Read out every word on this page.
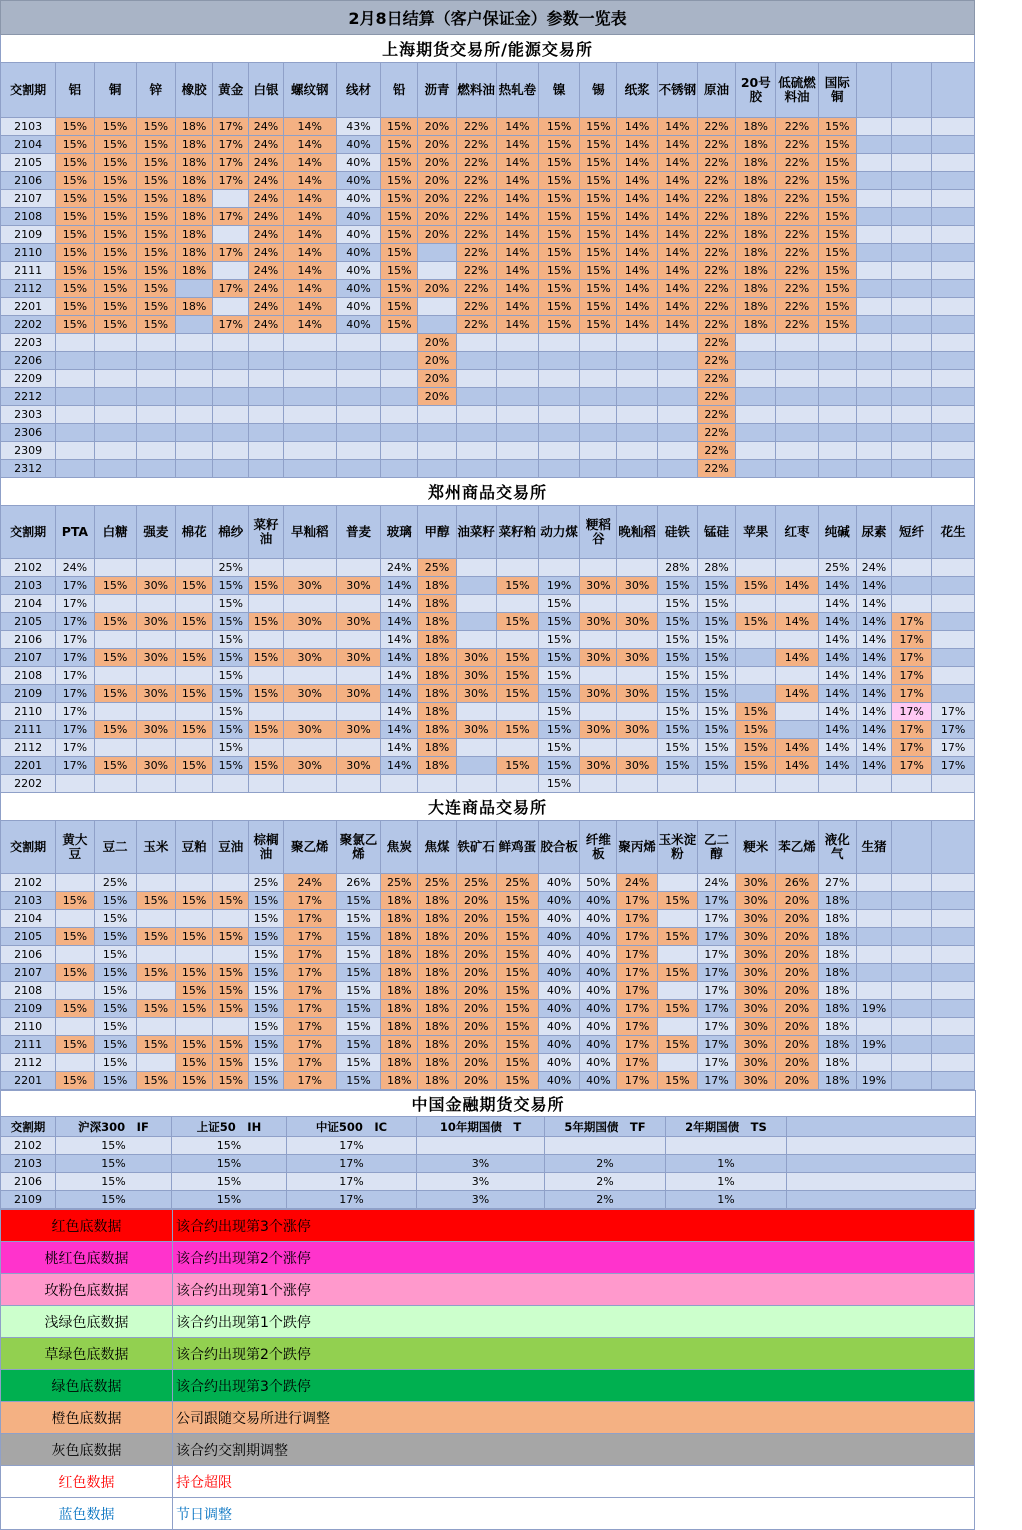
2月8日结算（客户保证金）参数一览表																							
上海期货交易所/能源交易所																							
交割期	铝	铜	锌	橡胶	黄金	白银	螺纹钢	线材	铅	沥青	燃料油	热轧卷	镍	锡	纸浆	不锈钢	原油	20号胶	低硫燃料油	国际铜			
2103	15%	15%	15%	18%	17%	24%	14%	43%	15%	20%	22%	14%	15%	15%	14%	14%	22%	18%	22%	15%			
2104	15%	15%	15%	18%	17%	24%	14%	40%	15%	20%	22%	14%	15%	15%	14%	14%	22%	18%	22%	15%			
2105	15%	15%	15%	18%	17%	24%	14%	40%	15%	20%	22%	14%	15%	15%	14%	14%	22%	18%	22%	15%			
2106	15%	15%	15%	18%	17%	24%	14%	40%	15%	20%	22%	14%	15%	15%	14%	14%	22%	18%	22%	15%			
2107	15%	15%	15%	18%		24%	14%	40%	15%	20%	22%	14%	15%	15%	14%	14%	22%	18%	22%	15%			
2108	15%	15%	15%	18%	17%	24%	14%	40%	15%	20%	22%	14%	15%	15%	14%	14%	22%	18%	22%	15%			
2109	15%	15%	15%	18%		24%	14%	40%	15%	20%	22%	14%	15%	15%	14%	14%	22%	18%	22%	15%			
2110	15%	15%	15%	18%	17%	24%	14%	40%	15%		22%	14%	15%	15%	14%	14%	22%	18%	22%	15%			
2111	15%	15%	15%	18%		24%	14%	40%	15%		22%	14%	15%	15%	14%	14%	22%	18%	22%	15%			
2112	15%	15%	15%		17%	24%	14%	40%	15%	20%	22%	14%	15%	15%	14%	14%	22%	18%	22%	15%			
2201	15%	15%	15%	18%		24%	14%	40%	15%		22%	14%	15%	15%	14%	14%	22%	18%	22%	15%			
2202	15%	15%	15%		17%	24%	14%	40%	15%		22%	14%	15%	15%	14%	14%	22%	18%	22%	15%			
2203										20%							22%						
2206										20%							22%						
2209										20%							22%						
2212										20%							22%						
2303																	22%						
2306																	22%						
2309																	22%						
2312																	22%						
郑州商品交易所																							
交割期	PTA	白糖	强麦	棉花	棉纱	菜籽油	早籼稻	普麦	玻璃	甲醇	油菜籽	菜籽粕	动力煤	粳稻谷	晚籼稻	硅铁	锰硅	苹果	红枣	纯碱	尿素	短纤	花生
2102	24%				25%				24%	25%						28%	28%			25%	24%		
2103	17%	15%	30%	15%	15%	15%	30%	30%	14%	18%		15%	19%	30%	30%	15%	15%	15%	14%	14%	14%		
2104	17%				15%				14%	18%			15%			15%	15%			14%	14%		
2105	17%	15%	30%	15%	15%	15%	30%	30%	14%	18%		15%	15%	30%	30%	15%	15%	15%	14%	14%	14%	17%	
2106	17%				15%				14%	18%			15%			15%	15%			14%	14%	17%	
2107	17%	15%	30%	15%	15%	15%	30%	30%	14%	18%	30%	15%	15%	30%	30%	15%	15%		14%	14%	14%	17%	
2108	17%				15%				14%	18%	30%	15%	15%			15%	15%			14%	14%	17%	
2109	17%	15%	30%	15%	15%	15%	30%	30%	14%	18%	30%	15%	15%	30%	30%	15%	15%		14%	14%	14%	17%	
2110	17%				15%				14%	18%			15%			15%	15%	15%		14%	14%	17%	17%
2111	17%	15%	30%	15%	15%	15%	30%	30%	14%	18%	30%	15%	15%	30%	30%	15%	15%	15%		14%	14%	17%	17%
2112	17%				15%				14%	18%			15%			15%	15%	15%	14%	14%	14%	17%	17%
2201	17%	15%	30%	15%	15%	15%	30%	30%	14%	18%		15%	15%	30%	30%	15%	15%	15%	14%	14%	14%	17%	17%
2202													15%										
大连商品交易所																							
交割期	黄大豆	豆二	玉米	豆粕	豆油	棕榈油	聚乙烯	聚氯乙烯	焦炭	焦煤	铁矿石	鲜鸡蛋	胶合板	纤维板	聚丙烯	玉米淀粉	乙二醇	粳米	苯乙烯	液化气	生猪		
2102		25%				25%	24%	26%	25%	25%	25%	25%	40%	50%	24%		24%	30%	26%	27%			
2103	15%	15%	15%	15%	15%	15%	17%	15%	18%	18%	20%	15%	40%	40%	17%	15%	17%	30%	20%	18%			
2104		15%				15%	17%	15%	18%	18%	20%	15%	40%	40%	17%		17%	30%	20%	18%			
2105	15%	15%	15%	15%	15%	15%	17%	15%	18%	18%	20%	15%	40%	40%	17%	15%	17%	30%	20%	18%			
2106		15%				15%	17%	15%	18%	18%	20%	15%	40%	40%	17%		17%	30%	20%	18%			
2107	15%	15%	15%	15%	15%	15%	17%	15%	18%	18%	20%	15%	40%	40%	17%	15%	17%	30%	20%	18%			
2108		15%		15%	15%	15%	17%	15%	18%	18%	20%	15%	40%	40%	17%		17%	30%	20%	18%			
2109	15%	15%	15%	15%	15%	15%	17%	15%	18%	18%	20%	15%	40%	40%	17%	15%	17%	30%	20%	18%	19%		
2110		15%				15%	17%	15%	18%	18%	20%	15%	40%	40%	17%		17%	30%	20%	18%			
2111	15%	15%	15%	15%	15%	15%	17%	15%	18%	18%	20%	15%	40%	40%	17%	15%	17%	30%	20%	18%	19%		
2112		15%		15%	15%	15%	17%	15%	18%	18%	20%	15%	40%	40%	17%		17%	30%	20%	18%			
2201	15%	15%	15%	15%	15%	15%	17%	15%	18%	18%	20%	15%	40%	40%	17%	15%	17%	30%	20%	18%	19%		
中国金融期货交易所							
交割期	沪深300　IF	上证50　IH	中证500　IC	10年期国债　T	5年期国债　TF	2年期国债　TS	
2102	15%	15%	17%				
2103	15%	15%	17%	3%	2%	1%	
2106	15%	15%	17%	3%	2%	1%	
2109	15%	15%	17%	3%	2%	1%	
红色底数据	该合约出现第3个涨停
桃红色底数据	该合约出现第2个涨停
玫粉色底数据	该合约出现第1个涨停
浅绿色底数据	该合约出现第1个跌停
草绿色底数据	该合约出现第2个跌停
绿色底数据	该合约出现第3个跌停
橙色底数据	公司跟随交易所进行调整
灰色底数据	该合约交割期调整
红色数据	持仓超限
蓝色数据	节日调整
